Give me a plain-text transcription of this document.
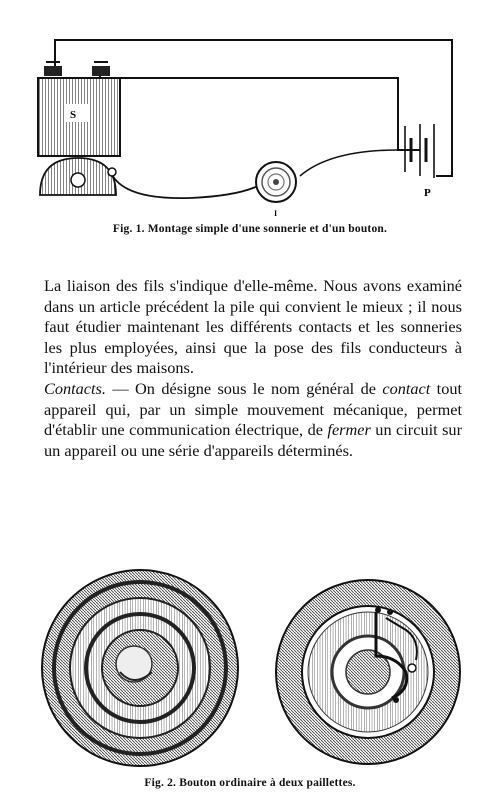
S
P
I
Fig. 1. Montage simple d'une sonnerie et d'un bouton.

La liaison des fils s'indique d'elle-même. Nous avons examiné dans un article précédent la pile qui convient le mieux ; il nous faut étudier maintenant les différents contacts et les sonneries les plus employées, ainsi que la pose des fils conducteurs à l'intérieur des maisons.

Contacts. — On désigne sous le nom général de contact tout appareil qui, par un simple mouvement mécanique, permet d'établir une communication électrique, de fermer un circuit sur un appareil ou une série d'appareils déterminés.

Fig. 2. Bouton ordinaire à deux paillettes.
